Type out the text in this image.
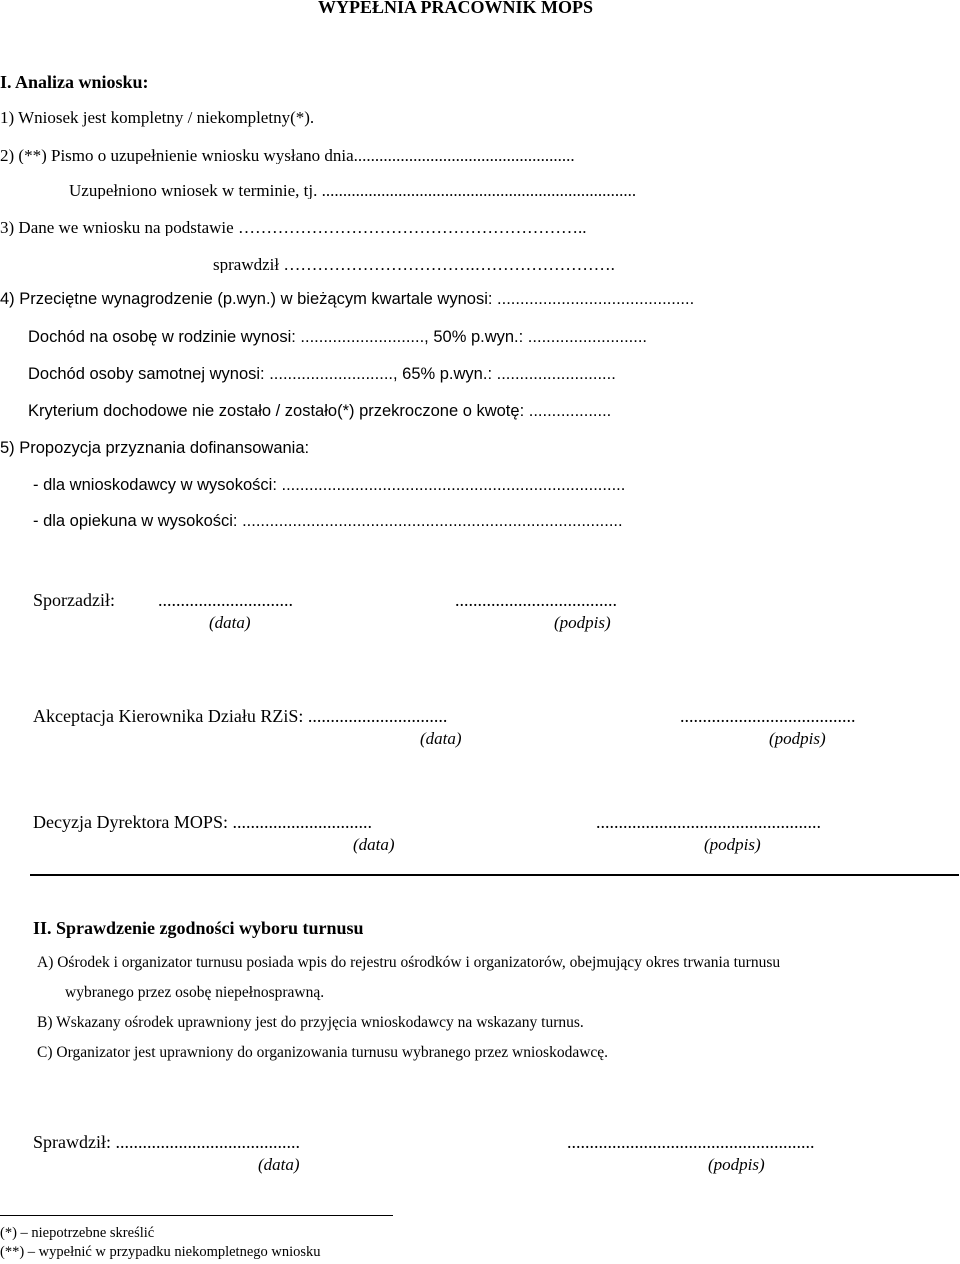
WYPEŁNIA PRACOWNIK MOPS
I. Analiza wniosku:
1) Wniosek jest kompletny / niekompletny(*).
2) (**) Pismo o uzupełnienie wniosku wysłano dnia....................................................
Uzupełniono wniosek w terminie, tj. ..........................................................................
3) Dane we wniosku na podstawie ……………………………………………………..
sprawdził …………………………….…………………….
4) Przeciętne wynagrodzenie (p.wyn.) w bieżącym kwartale wynosi: ...........................................
Dochód na osobę w rodzinie wynosi: ..........................., 50% p.wyn.: ..........................
Dochód osoby samotnej wynosi: ..........................., 65% p.wyn.: ..........................
Kryterium dochodowe nie zostało / zostało(*) przekroczone o kwotę: ..................
5) Propozycja przyznania dofinansowania:
- dla wnioskodawcy w wysokości: ...........................................................................
- dla opiekuna w wysokości: ...................................................................................
Sporzadził: ..............................	....................................
(data)	(podpis)
Akceptacja Kierownika Działu RZiS: ...............................	.......................................
(data)	(podpis)
Decyzja Dyrektora MOPS: ...............................	..................................................
(data)	(podpis)
II. Sprawdzenie zgodności wyboru turnusu
A) Ośrodek i organizator turnusu posiada wpis do rejestru ośrodków i organizatorów, obejmujący okres trwania turnusu
wybranego przez osobę niepełnosprawną.
B) Wskazany ośrodek uprawniony jest do przyjęcia wnioskodawcy na wskazany turnus.
C) Organizator jest uprawniony do organizowania turnusu wybranego przez wnioskodawcę.
Sprawdził: .........................................	.......................................................
(data)	(podpis)
(*) – niepotrzebne skreślić
(**) – wypełnić w przypadku niekompletnego wniosku
